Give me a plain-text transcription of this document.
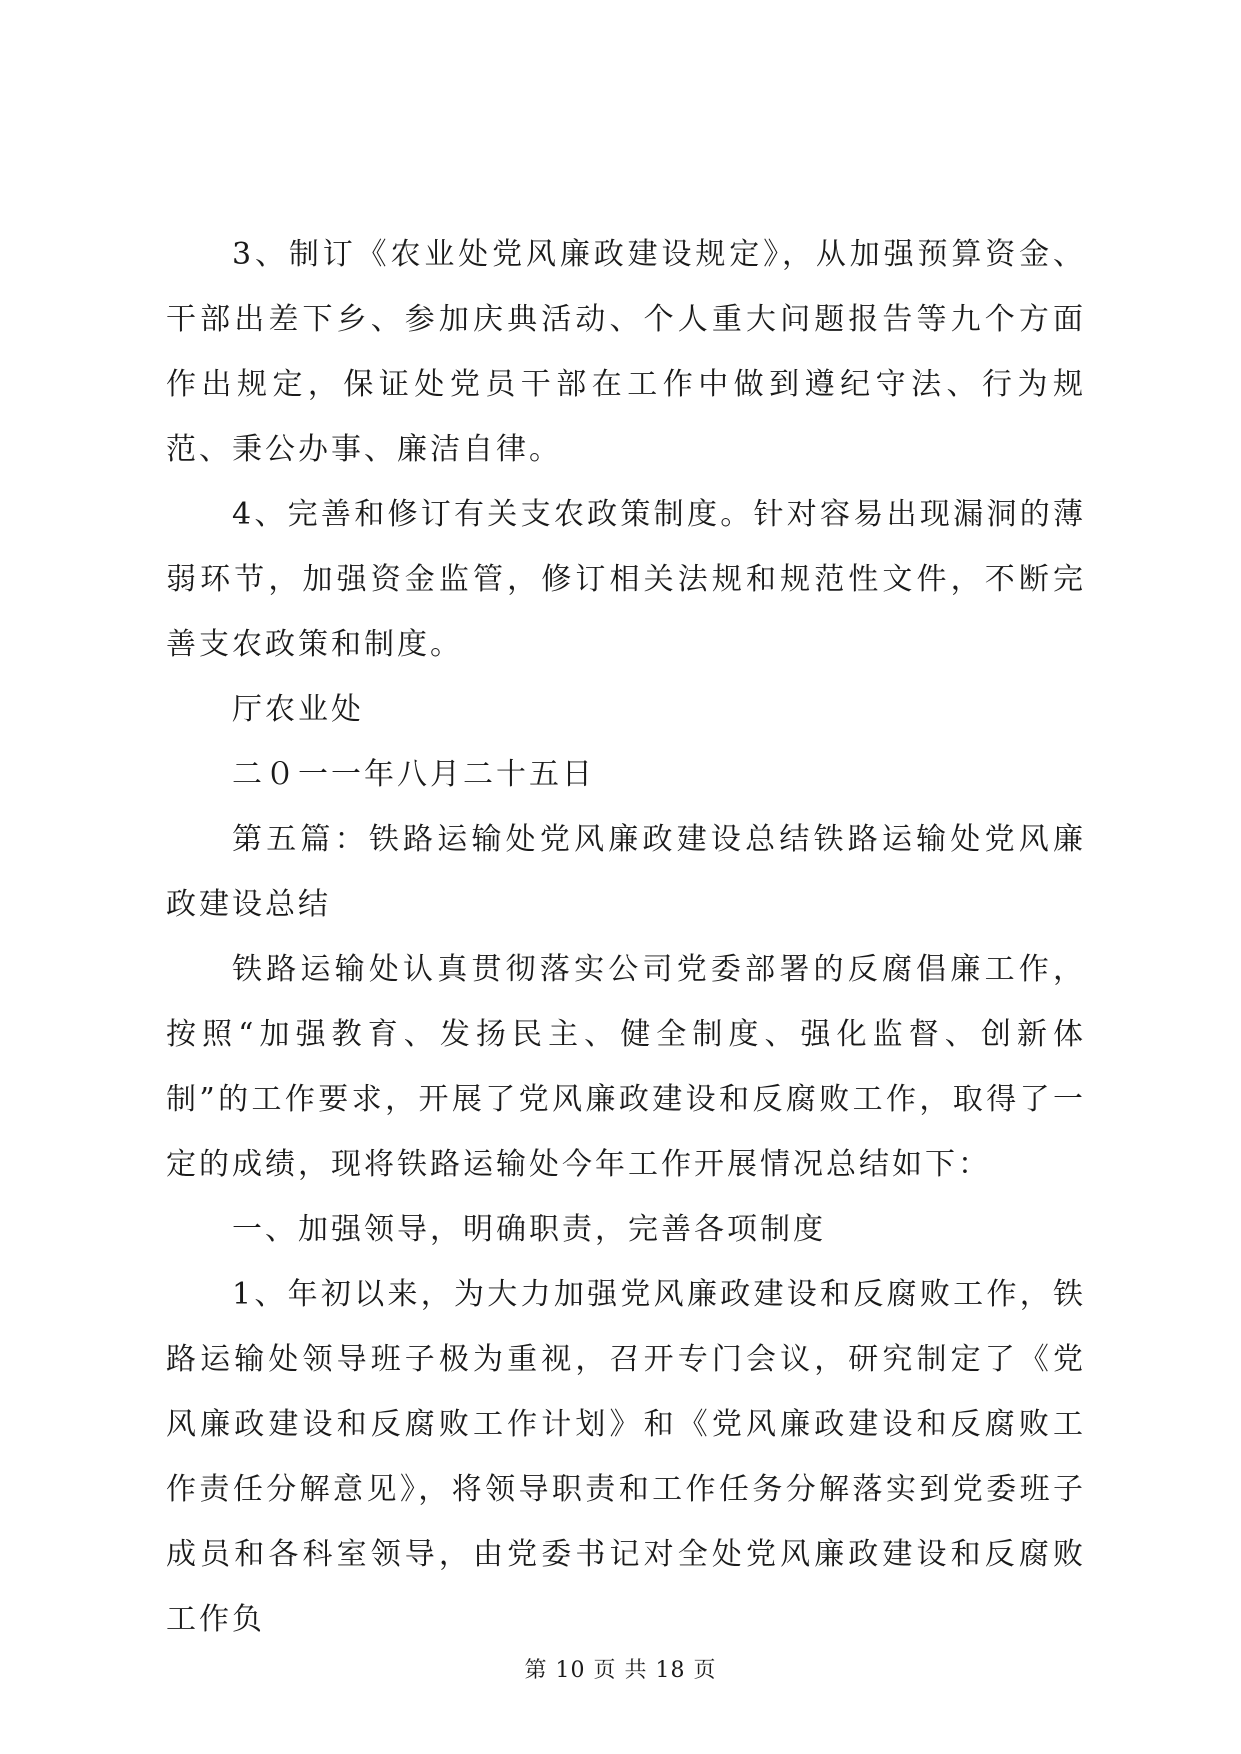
3、制订《农业处党风廉政建设规定》，从加强预算资金、干部出差下乡、参加庆典活动、个人重大问题报告等九个方面作出规定，保证处党员干部在工作中做到遵纪守法、行为规范、秉公办事、廉洁自律。

4、完善和修订有关支农政策制度。针对容易出现漏洞的薄弱环节，加强资金监管，修订相关法规和规范性文件，不断完善支农政策和制度。

厅农业处

二０一一年八月二十五日

第五篇：铁路运输处党风廉政建设总结铁路运输处党风廉政建设总结

铁路运输处认真贯彻落实公司党委部署的反腐倡廉工作，按照“加强教育、发扬民主、健全制度、强化监督、创新体制”的工作要求，开展了党风廉政建设和反腐败工作，取得了一定的成绩，现将铁路运输处今年工作开展情况总结如下：

一、加强领导，明确职责，完善各项制度

1、年初以来，为大力加强党风廉政建设和反腐败工作，铁路运输处领导班子极为重视，召开专门会议，研究制定了《党风廉政建设和反腐败工作计划》和《党风廉政建设和反腐败工作责任分解意见》，将领导职责和工作任务分解落实到党委班子成员和各科室领导，由党委书记对全处党风廉政建设和反腐败工作负

第 10 页 共 18 页
